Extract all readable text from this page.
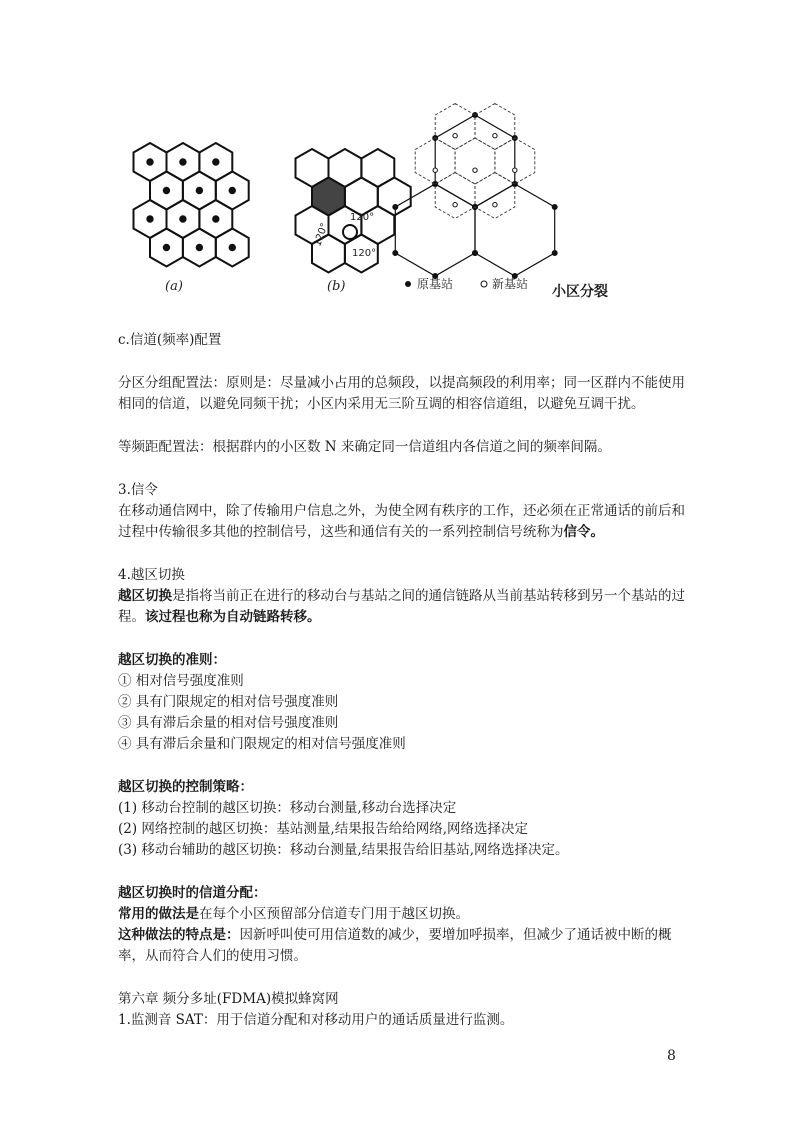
(a)
120°
120°
120°
(b)	原基站	新基站 小区分裂

c.信道(频率)配置

分区分组配置法：原则是：尽量减小占用的总频段，以提高频段的利用率；同一区群内不能使用相同的信道，以避免同频干扰；小区内采用无三阶互调的相容信道组，以避免互调干扰。

等频距配置法：根据群内的小区数 N 来确定同一信道组内各信道之间的频率间隔。

3.信令

在移动通信网中，除了传输用户信息之外，为使全网有秩序的工作，还必须在正常通话的前后和过程中传输很多其他的控制信号，这些和通信有关的一系列控制信号统称为信令。

4.越区切换

越区切换是指将当前正在进行的移动台与基站之间的通信链路从当前基站转移到另一个基站的过程。该过程也称为自动链路转移。

越区切换的准则：

① 相对信号强度准则

② 具有门限规定的相对信号强度准则

③ 具有滞后余量的相对信号强度准则

④ 具有滞后余量和门限规定的相对信号强度准则

越区切换的控制策略：

(1) 移动台控制的越区切换：移动台测量,移动台选择决定

(2) 网络控制的越区切换：基站测量,结果报告给给网络,网络选择决定

(3) 移动台辅助的越区切换：移动台测量,结果报告给旧基站,网络选择决定。

越区切换时的信道分配：

常用的做法是在每个小区预留部分信道专门用于越区切换。

这种做法的特点是：因新呼叫使可用信道数的减少，要增加呼损率，但减少了通话被中断的概率，从而符合人们的使用习惯。

第六章 频分多址(FDMA)模拟蜂窝网

1.监测音 SAT：用于信道分配和对移动用户的通话质量进行监测。

8
